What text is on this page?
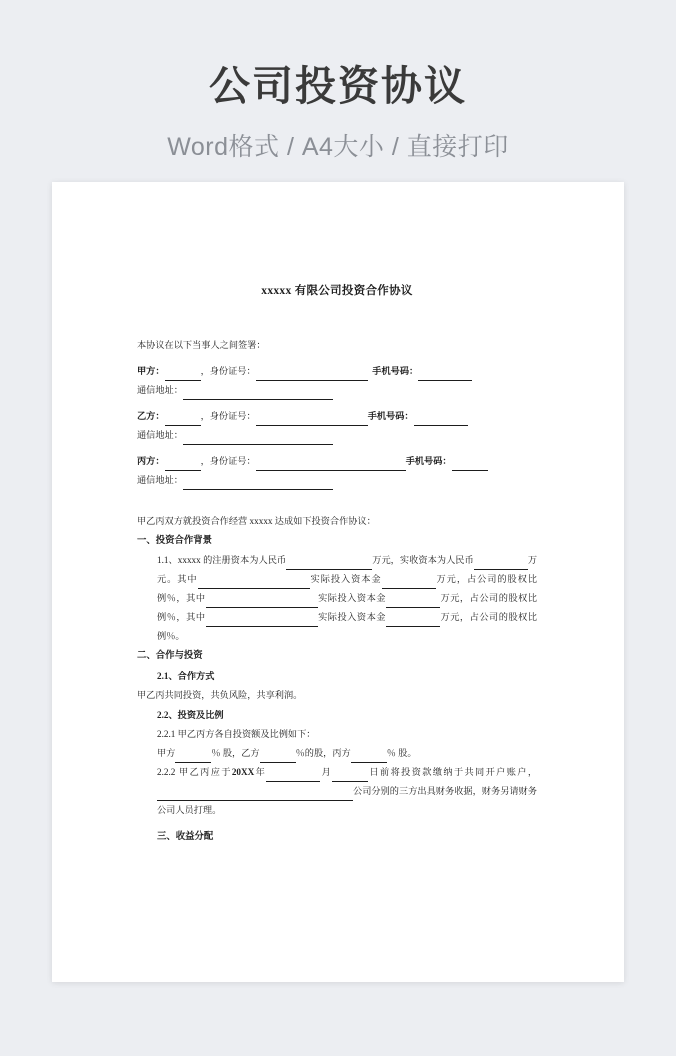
公司投资协议
Word格式 / A4大小 / 直接打印
xxxxx 有限公司投资合作协议
本协议在以下当事人之间签署：
甲方：	，身份证号：	手机号码：
通信地址：
乙方：	，身份证号：	手机号码：
通信地址：
丙方：	，身份证号：	手机号码：
通信地址：
甲乙丙双方就投资合作经营 xxxxx 达成如下投资合作协议：
一、投资合作背景
1.1、xxxxx 的注册资本为人民币	万元，实收资本为人民币	万元。其中	实际投入资本金	万元，占公司的股权比例％，其中	实际投入资本金	万元，占公司的股权比例％，其中	实际投入资本金	万元，占公司的股权比例％。
二、合作与投资
2.1、合作方式
甲乙丙共同投资，共负风险，共享利润。
2.2、投资及比例
2.2.1 甲乙丙方各自投资额及比例如下：
甲方	％ 股，乙方	％的股，丙方	％ 股。
2.2.2 甲乙丙应于20XX年	月	日前将投资款缴纳于共同开户账户，公司分别的三方出具财务收据，财务另请财务公司人员打理。
三、收益分配
